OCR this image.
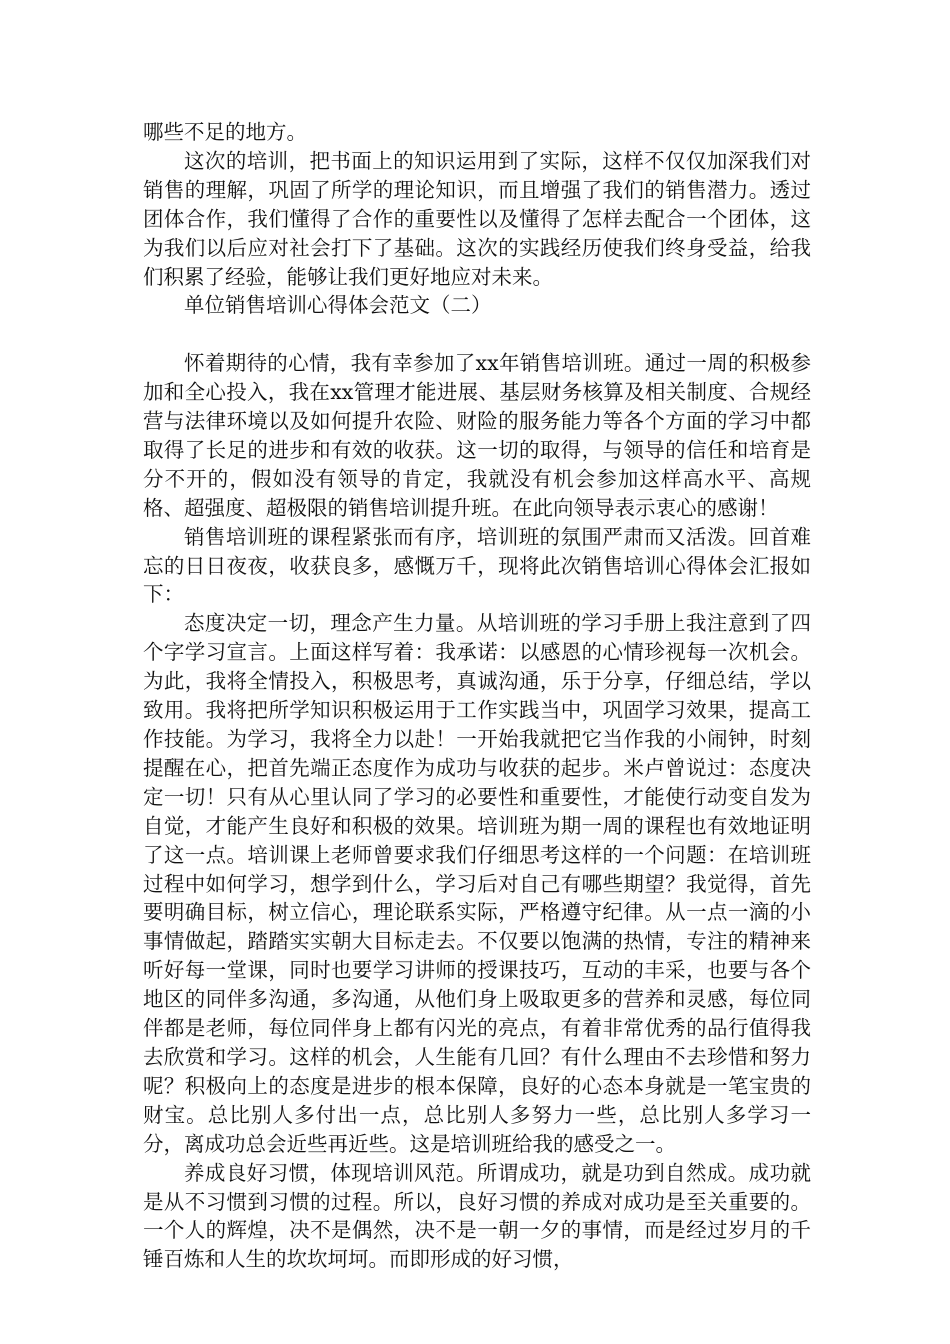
哪些不足的地方。

这次的培训，把书面上的知识运用到了实际，这样不仅仅加深我们对销售的理解，巩固了所学的理论知识，而且增强了我们的销售潜力。透过团体合作，我们懂得了合作的重要性以及懂得了怎样去配合一个团体，这为我们以后应对社会打下了基础。这次的实践经历使我们终身受益，给我们积累了经验，能够让我们更好地应对未来。

单位销售培训心得体会范文（二）

怀着期待的心情，我有幸参加了xx年销售培训班。通过一周的积极参加和全心投入，我在xx管理才能进展、基层财务核算及相关制度、合规经营与法律环境以及如何提升农险、财险的服务能力等各个方面的学习中都取得了长足的进步和有效的收获。这一切的取得，与领导的信任和培育是分不开的，假如没有领导的肯定，我就没有机会参加这样高水平、高规格、超强度、超极限的销售培训提升班。在此向领导表示衷心的感谢！

销售培训班的课程紧张而有序，培训班的氛围严肃而又活泼。回首难忘的日日夜夜，收获良多，感慨万千，现将此次销售培训心得体会汇报如下：

态度决定一切，理念产生力量。从培训班的学习手册上我注意到了四个字学习宣言。上面这样写着：我承诺：以感恩的心情珍视每一次机会。为此，我将全情投入，积极思考，真诚沟通，乐于分享，仔细总结，学以致用。我将把所学知识积极运用于工作实践当中，巩固学习效果，提高工作技能。为学习，我将全力以赴！一开始我就把它当作我的小闹钟，时刻提醒在心，把首先端正态度作为成功与收获的起步。米卢曾说过：态度决定一切！只有从心里认同了学习的必要性和重要性，才能使行动变自发为自觉，才能产生良好和积极的效果。培训班为期一周的课程也有效地证明了这一点。培训课上老师曾要求我们仔细思考这样的一个问题：在培训班过程中如何学习，想学到什么，学习后对自己有哪些期望？我觉得，首先要明确目标，树立信心，理论联系实际，严格遵守纪律。从一点一滴的小事情做起，踏踏实实朝大目标走去。不仅要以饱满的热情，专注的精神来听好每一堂课，同时也要学习讲师的授课技巧，互动的丰采，也要与各个地区的同伴多沟通，多沟通，从他们身上吸取更多的营养和灵感，每位同伴都是老师，每位同伴身上都有闪光的亮点，有着非常优秀的品行值得我去欣赏和学习。这样的机会，人生能有几回？有什么理由不去珍惜和努力呢？积极向上的态度是进步的根本保障，良好的心态本身就是一笔宝贵的财宝。总比别人多付出一点，总比别人多努力一些，总比别人多学习一分，离成功总会近些再近些。这是培训班给我的感受之一。

养成良好习惯，体现培训风范。所谓成功，就是功到自然成。成功就是从不习惯到习惯的过程。所以，良好习惯的养成对成功是至关重要的。一个人的辉煌，决不是偶然，决不是一朝一夕的事情，而是经过岁月的千锤百炼和人生的坎坎坷坷。而即形成的好习惯，
